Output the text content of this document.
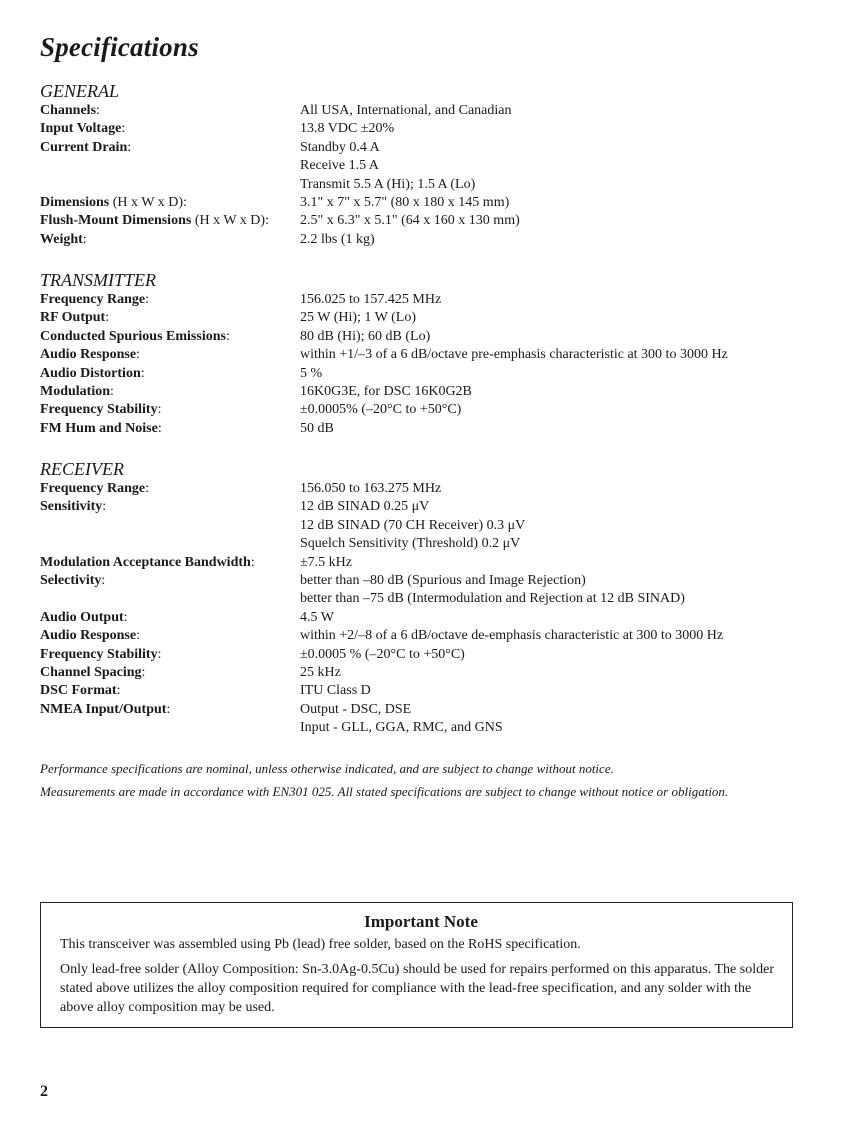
Specifications
GENERAL
Channels:	All USA, International, and Canadian
Input Voltage:	13.8 VDC ±20%
Current Drain:	Standby 0.4 A
Receive 1.5 A
Transmit 5.5 A (Hi); 1.5 A (Lo)
Dimensions (H x W x D):	3.1" x 7" x 5.7" (80 x 180 x 145 mm)
Flush-Mount Dimensions (H x W x D):	2.5" x 6.3" x 5.1" (64 x 160 x 130 mm)
Weight:	2.2 lbs (1 kg)
TRANSMITTER
Frequency Range:	156.025 to 157.425 MHz
RF Output:	25 W (Hi); 1 W (Lo)
Conducted Spurious Emissions:	80 dB (Hi); 60 dB (Lo)
Audio Response:	within +1/–3 of a 6 dB/octave pre-emphasis characteristic at 300 to 3000 Hz
Audio Distortion:	5 %
Modulation:	16K0G3E, for DSC 16K0G2B
Frequency Stability:	±0.0005% (–20°C to +50°C)
FM Hum and Noise:	50 dB
RECEIVER
Frequency Range:	156.050 to 163.275 MHz
Sensitivity:	12 dB SINAD 0.25 μV
12 dB SINAD (70 CH Receiver) 0.3 μV
Squelch Sensitivity (Threshold) 0.2 μV
Modulation Acceptance Bandwidth:	±7.5 kHz
Selectivity:	better than –80 dB (Spurious and Image Rejection)
better than –75 dB (Intermodulation and Rejection at 12 dB SINAD)
Audio Output:	4.5 W
Audio Response:	within +2/–8 of a 6 dB/octave de-emphasis characteristic at 300 to 3000 Hz
Frequency Stability:	±0.0005 % (–20°C to +50°C)
Channel Spacing:	25 kHz
DSC Format:	ITU Class D
NMEA Input/Output:	Output - DSC, DSE
Input - GLL, GGA, RMC, and GNS

Performance specifications are nominal, unless otherwise indicated, and are subject to change without notice.

Measurements are made in accordance with EN301 025. All stated specifications are subject to change without notice or obligation.

Important Note

This transceiver was assembled using Pb (lead) free solder, based on the RoHS specification.

Only lead-free solder (Alloy Composition: Sn-3.0Ag-0.5Cu) should be used for repairs performed on this apparatus. The solder stated above utilizes the alloy composition required for compliance with the lead-free specification, and any solder with the above alloy composition may be used.

2
